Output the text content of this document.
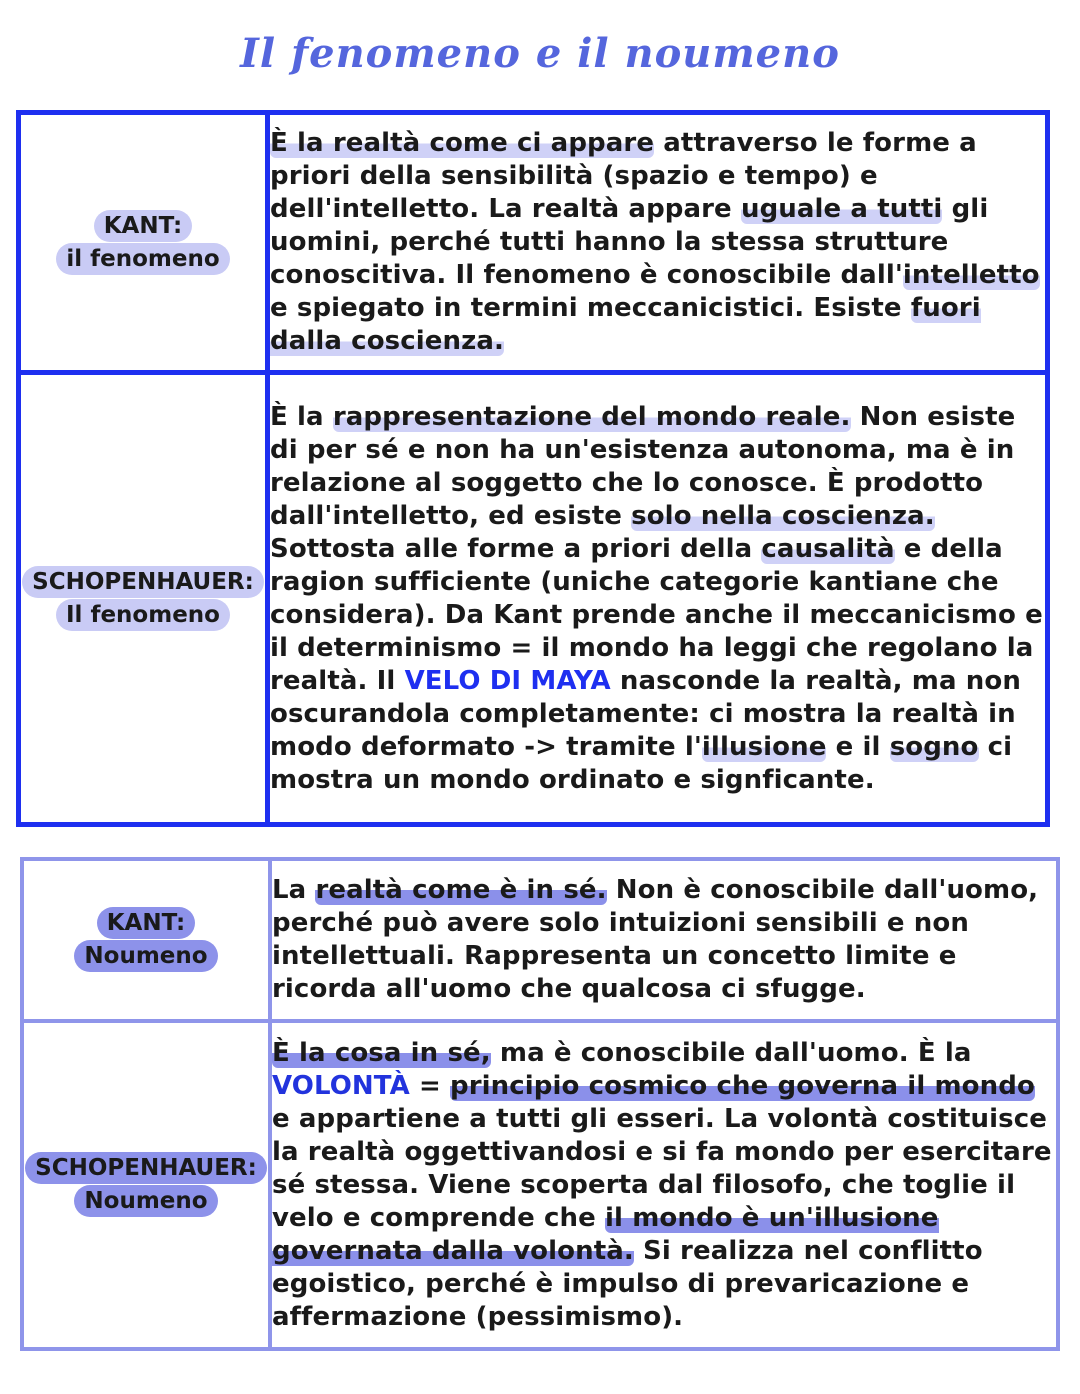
Il fenomeno e il noumeno
KANT:
il fenomeno	È la realtà come ci appare attraverso le forme a priori della sensibilità (spazio e tempo) e dell'intelletto. La realtà appare uguale a tutti gli uomini, perché tutti hanno la stessa strutture conoscitiva. Il fenomeno è conoscibile dall'intelletto e spiegato in termini meccanicistici. Esiste fuori dalla coscienza.

SCHOPENHAUER:
Il fenomeno	È la rappresentazione del mondo reale. Non esiste di per sé e non ha un'esistenza autonoma, ma è in relazione al soggetto che lo conosce. È prodotto dall'intelletto, ed esiste solo nella coscienza. Sottosta alle forme a priori della causalità e della ragion sufficiente (uniche categorie kantiane che considera). Da Kant prende anche il meccanicismo e il determinismo = il mondo ha leggi che regolano la realtà. Il VELO DI MAYA nasconde la realtà, ma non oscurandola completamente: ci mostra la realtà in modo deformato -> tramite l'illusione e il sogno ci mostra un mondo ordinato e signficante.
KANT:
Noumeno	La realtà come è in sé. Non è conoscibile dall'uomo, perché può avere solo intuizioni sensibili e non intellettuali. Rappresenta un concetto limite e ricorda all'uomo che qualcosa ci sfugge.

SCHOPENHAUER:
Noumeno	È la cosa in sé, ma è conoscibile dall'uomo. È la VOLONTÀ = principio cosmico che governa il mondo e appartiene a tutti gli esseri. La volontà costituisce la realtà oggettivandosi e si fa mondo per esercitare sé stessa. Viene scoperta dal filosofo, che toglie il velo e comprende che il mondo è un'illusione governata dalla volontà. Si realizza nel conflitto egoistico, perché è impulso di prevaricazione e affermazione (pessimismo).
